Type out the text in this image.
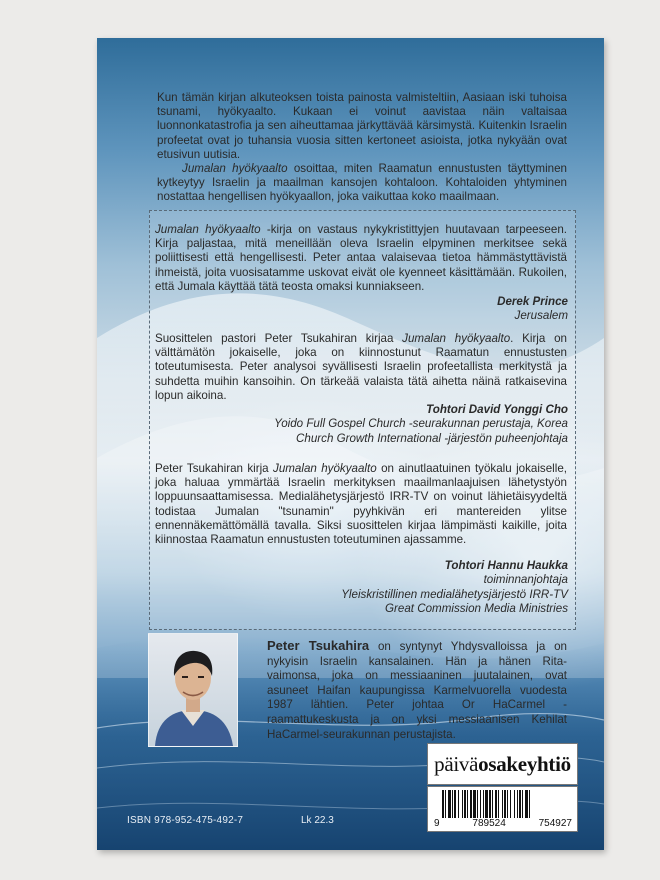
Kun tämän kirjan alkuteoksen toista painosta valmisteltiin, Aasiaan iski tuhoisa tsunami, hyökyaalto. Kukaan ei voinut aavistaa näin valtaisaa luonnonkatastrofia ja sen aiheuttamaa järkyttävää kärsimystä. Kuitenkin Israelin profeetat ovat jo tuhansia vuosia sitten kertoneet asioista, jotka nykyään ovat etusivun uutisia.

Jumalan hyökyaalto osoittaa, miten Raamatun ennustusten täyttyminen kytkeytyy Israelin ja maailman kansojen kohtaloon. Kohtaloiden yhtyminen nostattaa hengellisen hyökyaallon, joka vaikuttaa koko maailmaan.

Jumalan hyökyaalto -kirja on vastaus nykykristittyjen huutavaan tarpeeseen. Kirja paljastaa, mitä meneillään oleva Israelin elpyminen merkitsee sekä poliittisesti että hengellisesti. Peter antaa valaisevaa tietoa hämmästyttävistä ihmeistä, joita vuosisatamme uskovat eivät ole kyenneet käsittämään. Rukoilen, että Jumala käyttää tätä teosta omaksi kunniakseen.

Derek Prince
Jerusalem

Suosittelen pastori Peter Tsukahiran kirjaa Jumalan hyökyaalto. Kirja on välttämätön jokaiselle, joka on kiinnostunut Raamatun ennustusten toteutumisesta. Peter analysoi syvällisesti Israelin profeetallista merkitystä ja suhdetta muihin kansoihin. On tärkeää valaista tätä aihetta näinä ratkaisevina lopun aikoina.

Tohtori David Yonggi Cho
Yoido Full Gospel Church -seurakunnan perustaja, Korea
Church Growth International -järjestön puheenjohtaja

Peter Tsukahiran kirja Jumalan hyökyaalto on ainutlaatuinen työkalu jokaiselle, joka haluaa ymmärtää Israelin merkityksen maailmanlaajuisen lähetystyön loppuunsaattamisessa. Medialähetysjärjestö IRR-TV on voinut lähietäisyydeltä todistaa Jumalan "tsunamin" pyyhkivän eri mantereiden ylitse ennennäkemättömällä tavalla. Siksi suosittelen kirjaa lämpimästi kaikille, joita kiinnostaa Raamatun ennustusten toteutuminen ajassamme.

Tohtori Hannu Haukka
toiminnanjohtaja
Yleiskristillinen medialähetysjärjestö IRR-TV
Great Commission Media Ministries
Peter Tsukahira on syntynyt Yhdysvalloissa ja on nykyisin Israelin kansalainen. Hän ja hänen Rita-vaimonsa, joka on messiaaninen juutalainen, ovat asuneet Haifan kaupungissa Karmelvuorella vuodesta 1987 lähtien. Peter johtaa Or HaCarmel -raamattukeskusta ja on yksi messiaanisen Kehilat HaCarmel-seurakunnan perustajista.
päivä osakeyhtiö
9	789524	754927
ISBN 978-952-475-492-7	Lk 22.3
